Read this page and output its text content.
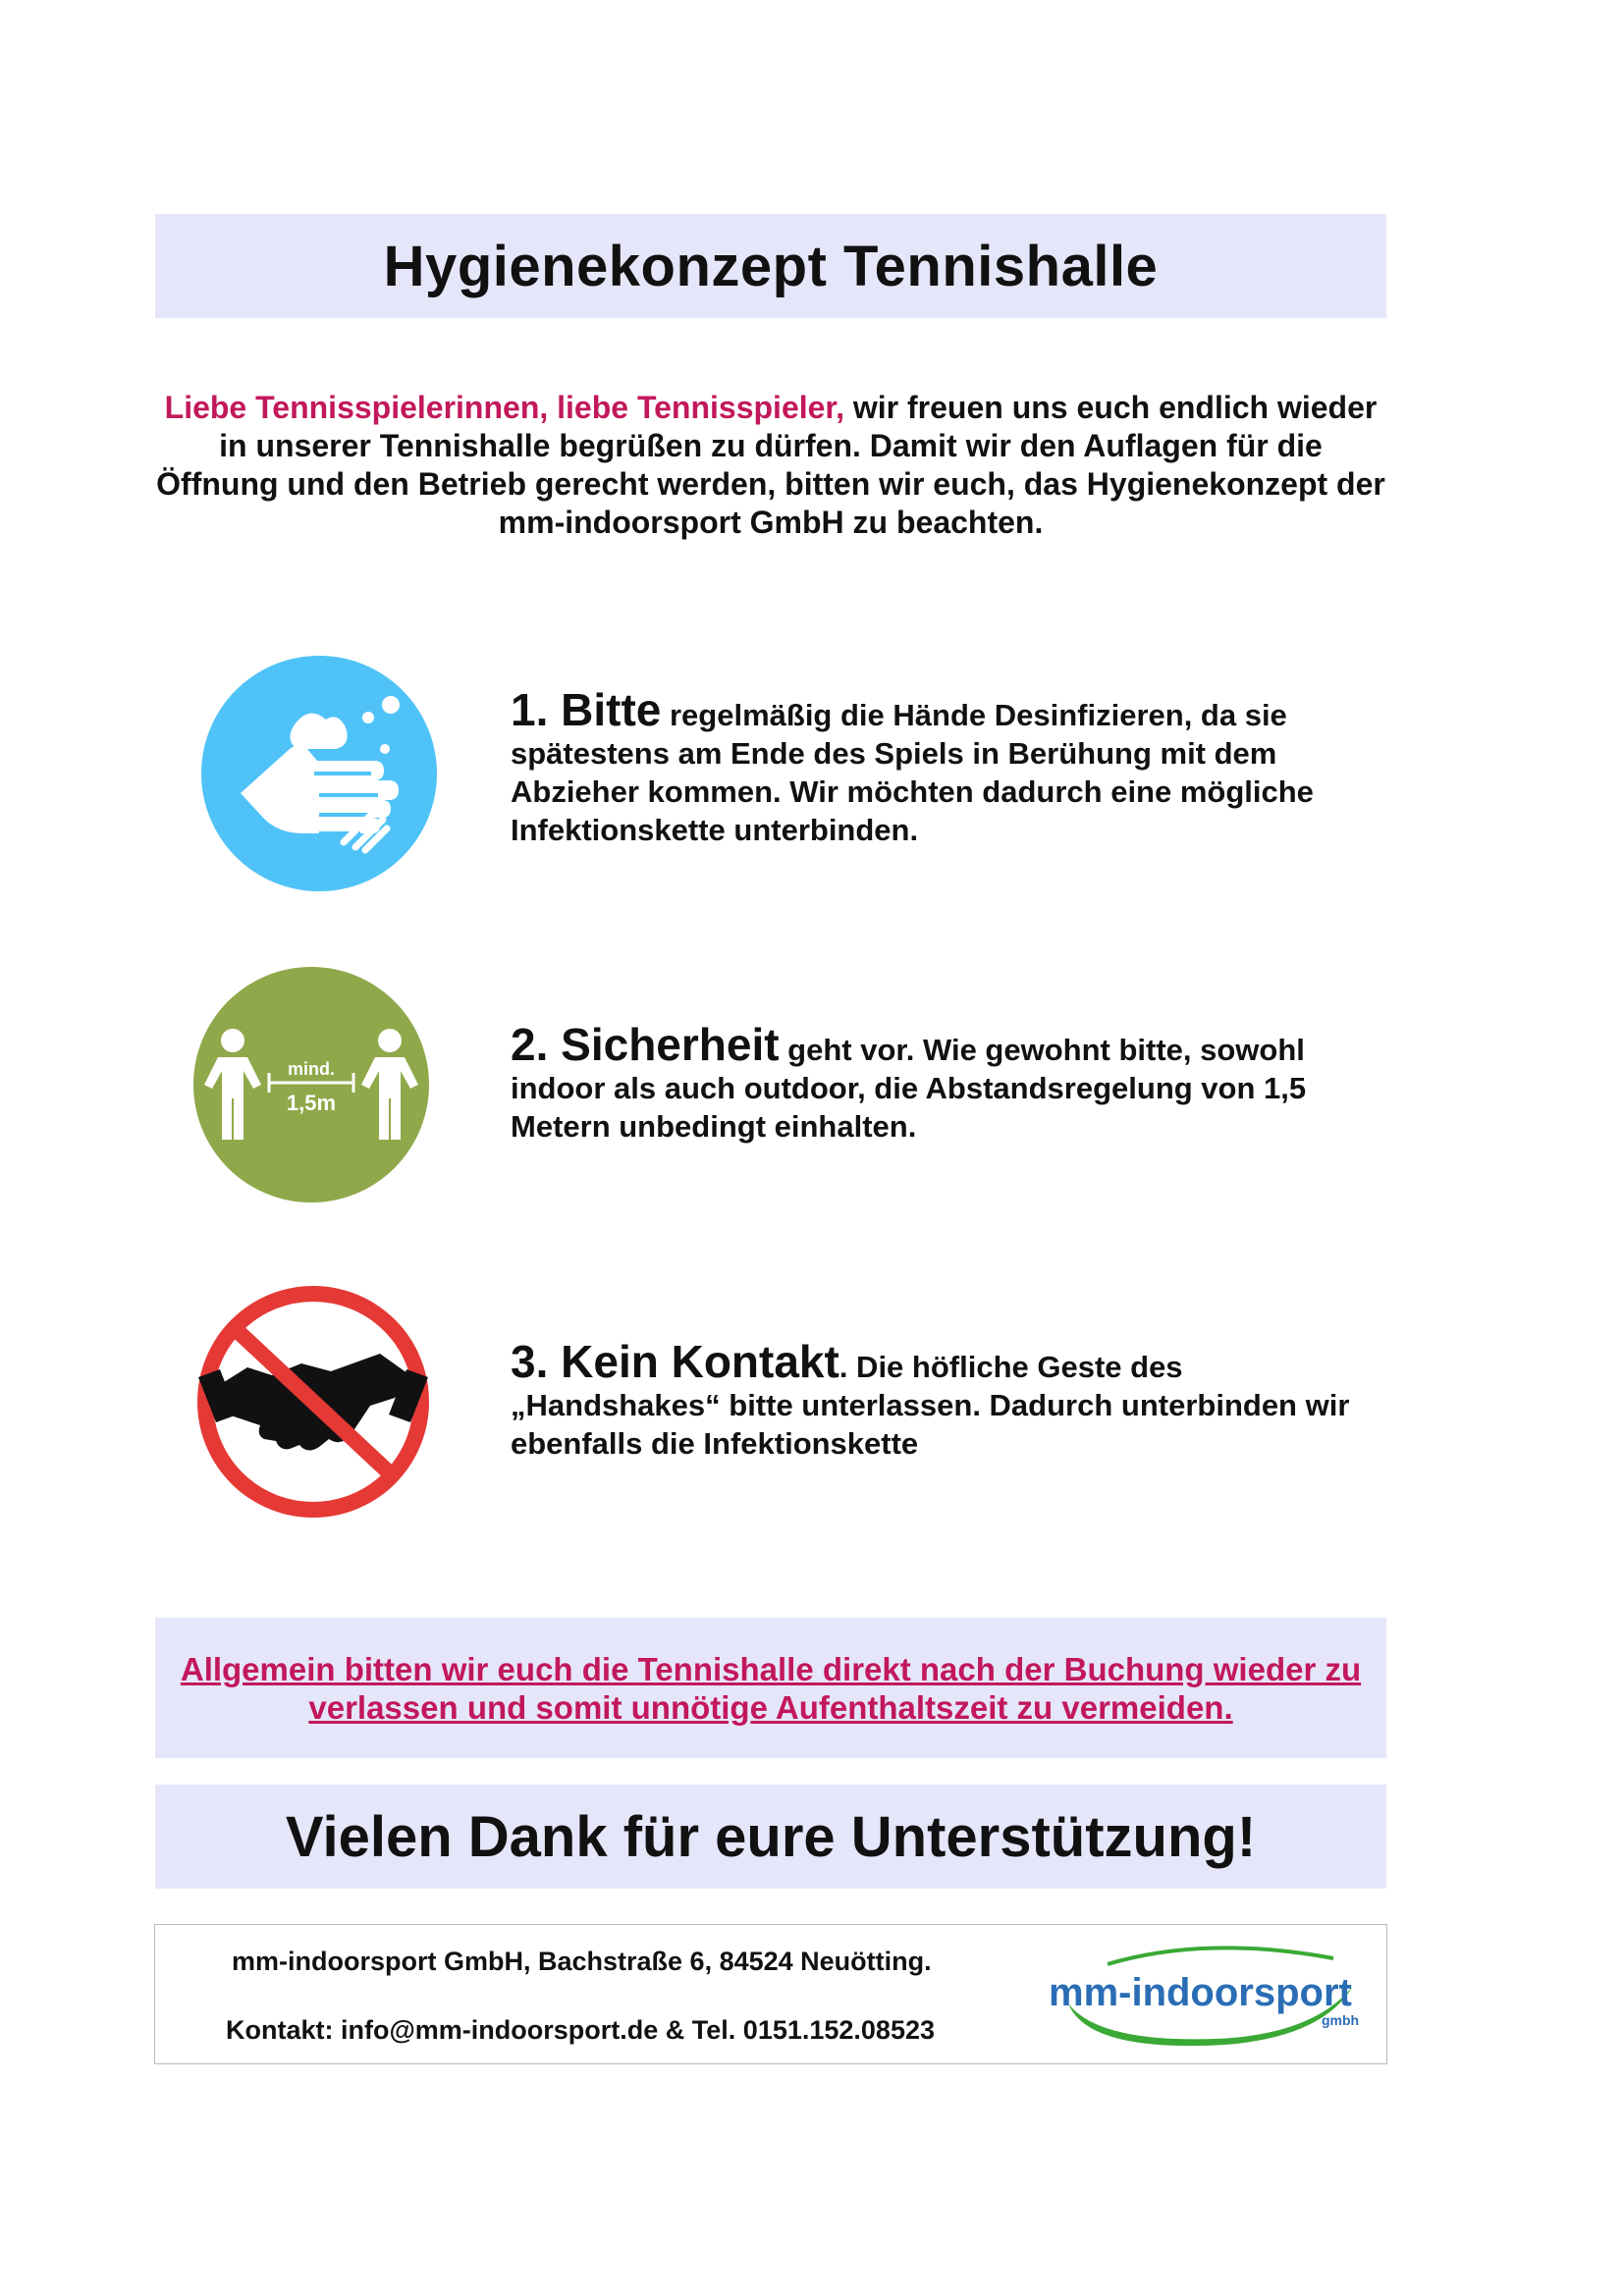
Hygienekonzept Tennishalle

Liebe Tennisspielerinnen, liebe Tennisspieler, wir freuen uns euch endlich wieder in unserer Tennishalle begrüßen zu dürfen. Damit wir den Auflagen für die Öffnung und den Betrieb gerecht werden, bitten wir euch, das Hygienekonzept der mm-indoorsport GmbH zu beachten.

1. Bitte regelmäßig die Hände Desinfizieren, da sie spätestens am Ende des Spiels in Berühung mit dem Abzieher kommen. Wir möchten dadurch eine mögliche Infektionskette unterbinden.

mind.
1,5m

2. Sicherheit geht vor. Wie gewohnt bitte, sowohl indoor als auch outdoor, die Abstandsregelung von 1,5 Metern unbedingt einhalten.

3. Kein Kontakt. Die höfliche Geste des „Handshakes“ bitte unterlassen. Dadurch unterbinden wir ebenfalls die Infektionskette

Allgemein bitten wir euch die Tennishalle direkt nach der Buchung wieder zu verlassen und somit unnötige Aufenthaltszeit zu vermeiden.

Vielen Dank für eure Unterstützung!

mm-indoorsport GmbH, Bachstraße 6, 84524 Neuötting.

Kontakt: info@mm-indoorsport.de & Tel. 0151.152.08523

mm-indoorsport
gmbh
